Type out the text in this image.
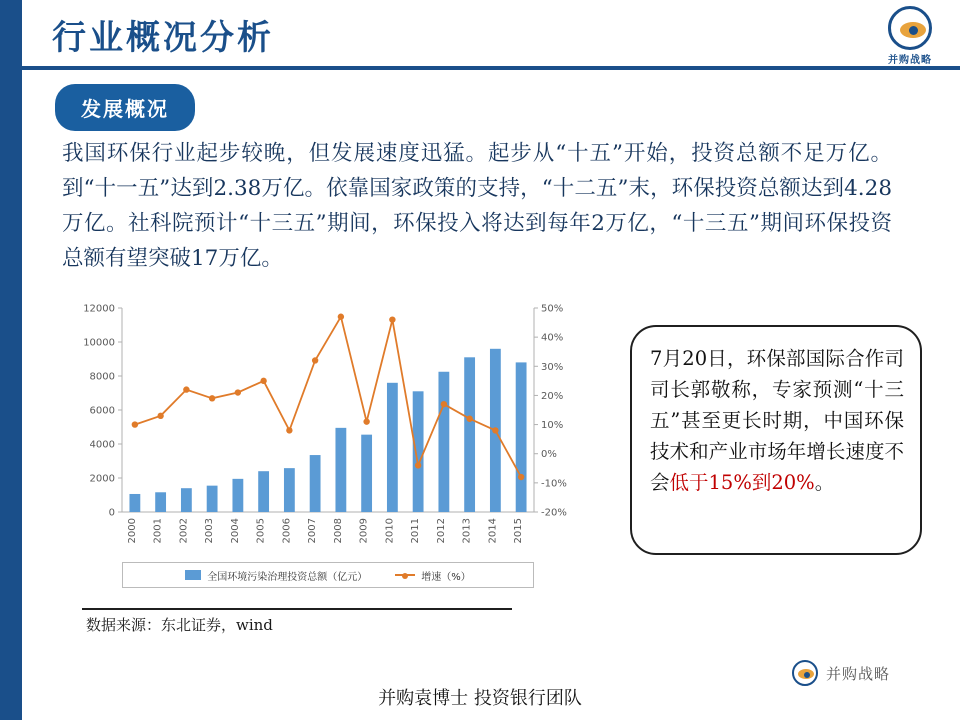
行业概况分析
并购战略
发展概况
我国环保行业起步较晚，但发展速度迅猛。起步从“十五”开始，投资总额不足万亿。到“十一五”达到2.38万亿。依靠国家政策的支持，“十二五”末，环保投资总额达到4.28万亿。社科院预计“十三五”期间，环保投入将达到每年2万亿，“十三五”期间环保投资总额有望突破17万亿。
0
2000
4000
6000
8000
10000
12000
-20%
-10%
0%
10%
20%
30%
40%
50%
2000 2001 2002 2003 2004 2005 2006 2007 2008 2009 2010 2011 2012 2013 2014 2015
全国环境污染治理投资总额（亿元）	增速（%）
数据来源：东北证券，wind
7月20日，环保部国际合作司司长郭敬称，专家预测“十三五”甚至更长时期，中国环保技术和产业市场年增长速度不会低于15%到20%。
并购袁博士 投资银行团队
并购战略
